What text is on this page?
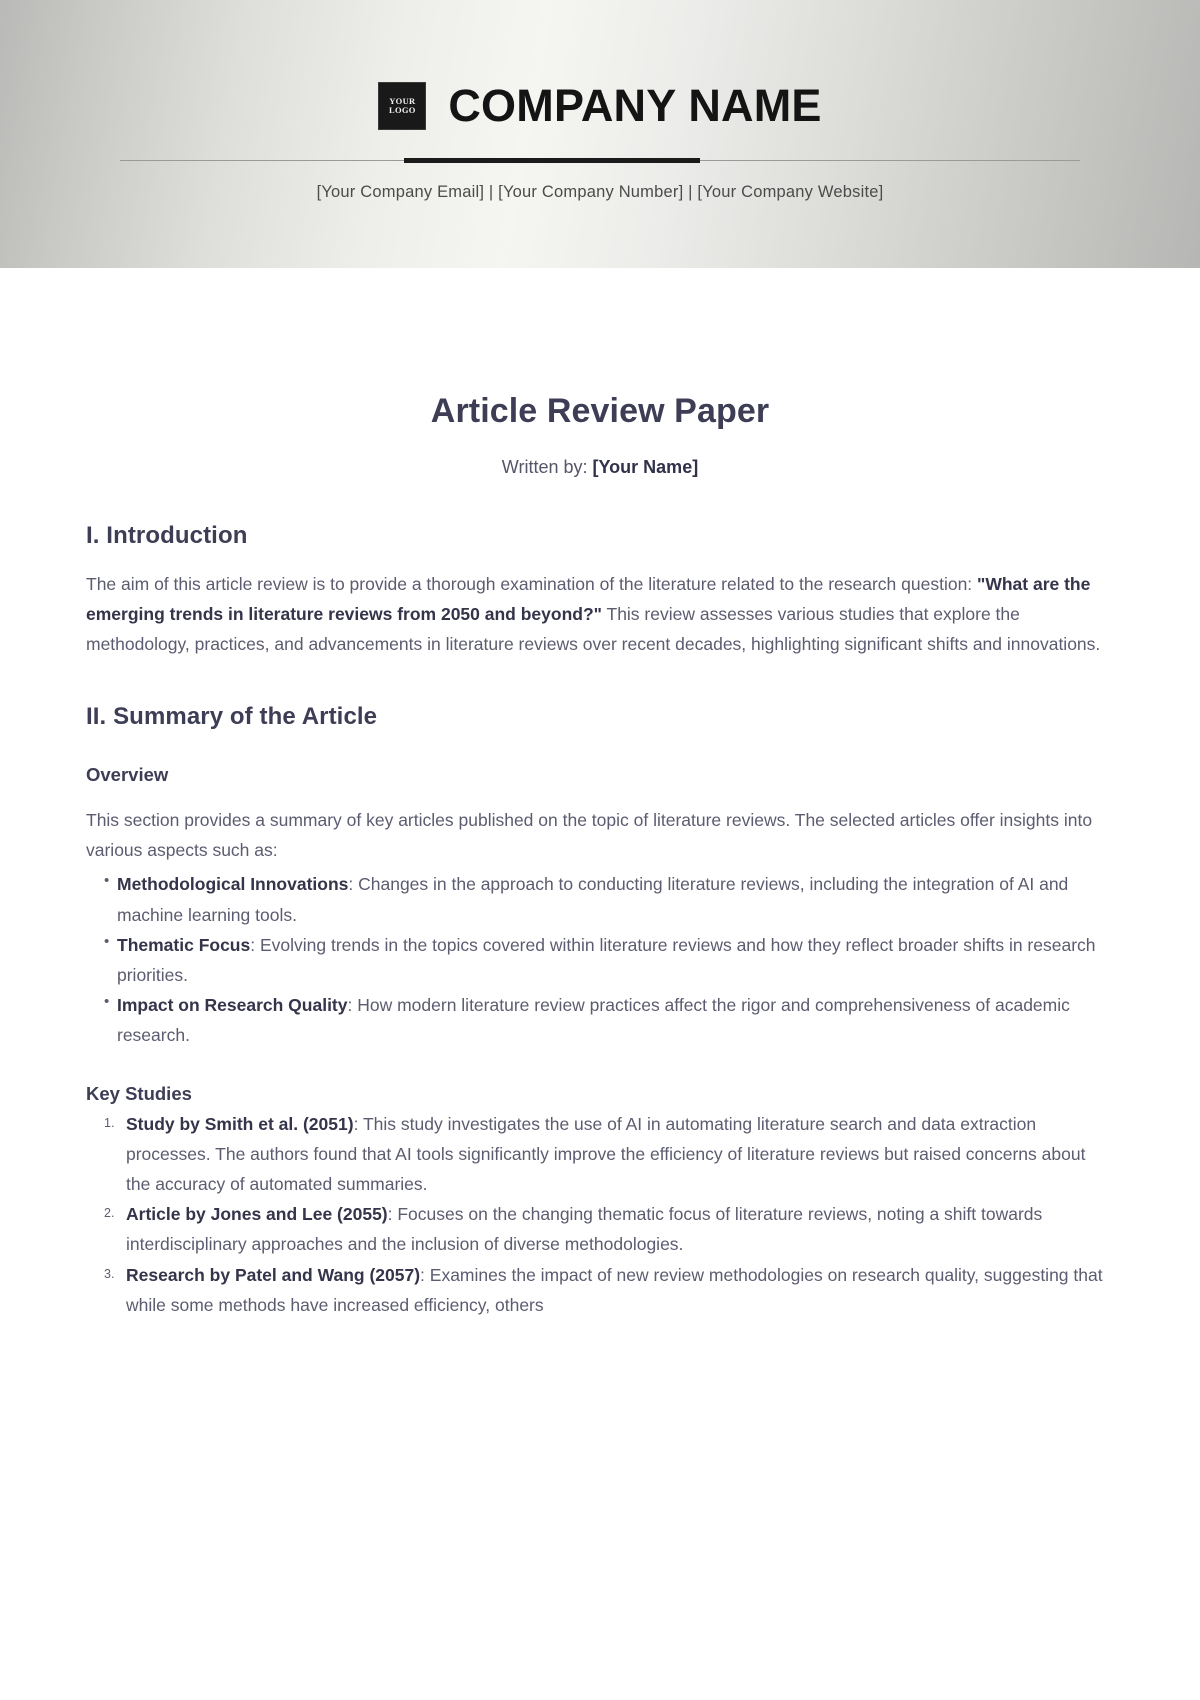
YOUR
LOGO COMPANY NAME
[Your Company Email] | [Your Company Number] | [Your Company Website]
Article Review Paper
Written by: [Your Name]
I. Introduction

The aim of this article review is to provide a thorough examination of the literature related to the research question: "What are the emerging trends in literature reviews from 2050 and beyond?" This review assesses various studies that explore the methodology, practices, and advancements in literature reviews over recent decades, highlighting significant shifts and innovations.

II. Summary of the Article
Overview

This section provides a summary of key articles published on the topic of literature reviews. The selected articles offer insights into various aspects such as:

• Methodological Innovations: Changes in the approach to conducting literature reviews, including the integration of AI and machine learning tools.
• Thematic Focus: Evolving trends in the topics covered within literature reviews and how they reflect broader shifts in research priorities.
• Impact on Research Quality: How modern literature review practices affect the rigor and comprehensiveness of academic research.
Key Studies
Study by Smith et al. (2051): This study investigates the use of AI in automating literature search and data extraction processes. The authors found that AI tools significantly improve the efficiency of literature reviews but raised concerns about the accuracy of automated summaries.
Article by Jones and Lee (2055): Focuses on the changing thematic focus of literature reviews, noting a shift towards interdisciplinary approaches and the inclusion of diverse methodologies.
Research by Patel and Wang (2057): Examines the impact of new review methodologies on research quality, suggesting that while some methods have increased efficiency, others
